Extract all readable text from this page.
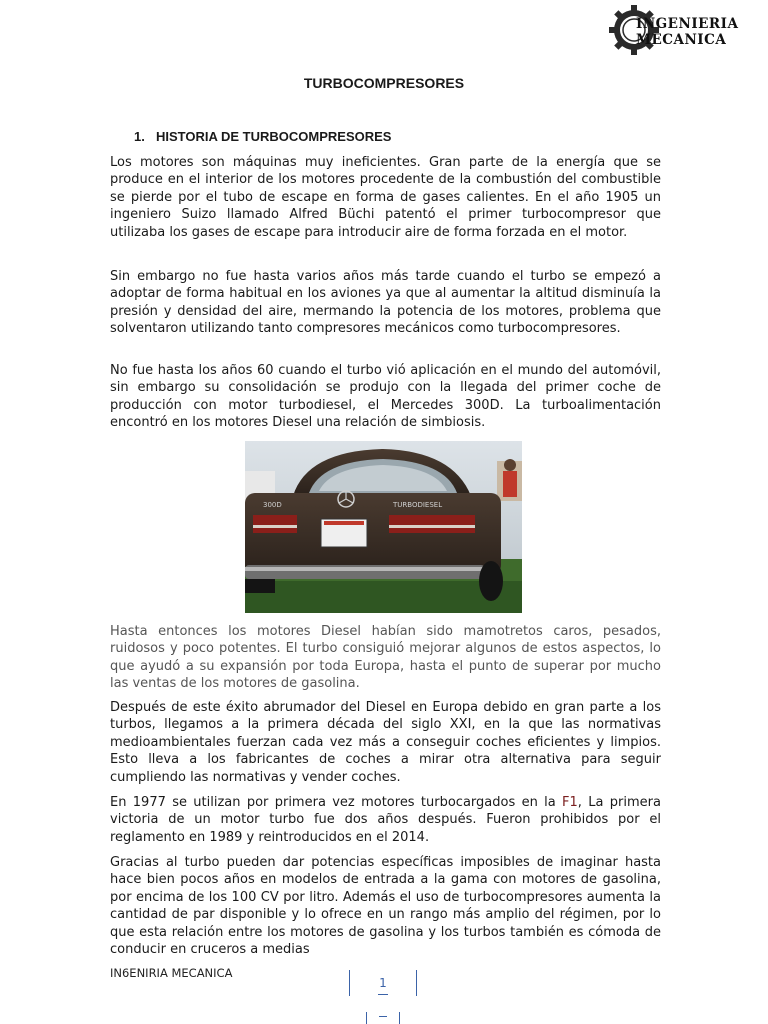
INGENIERIA
MECANICA
TURBOCOMPRESORES
1. HISTORIA DE TURBOCOMPRESORES

Los motores son máquinas muy ineficientes. Gran parte de la energía que se produce en el interior de los motores procedente de la combustión del combustible se pierde por el tubo de escape en forma de gases calientes. En el año 1905 un ingeniero Suizo llamado Alfred Büchi patentó el primer turbocompresor que utilizaba los gases de escape para introducir aire de forma forzada en el motor.

Sin embargo no fue hasta varios años más tarde cuando el turbo se empezó a adoptar de forma habitual en los aviones ya que al aumentar la altitud disminuía la presión y densidad del aire, mermando la potencia de los motores, problema que solventaron utilizando tanto compresores mecánicos como turbocompresores.

No fue hasta los años 60 cuando el turbo vió aplicación en el mundo del automóvil, sin embargo su consolidación se produjo con la llegada del primer coche de producción con motor turbodiesel, el Mercedes 300D. La turboalimentación encontró en los motores Diesel una relación de simbiosis.

TURBODIESEL
300D

Hasta entonces los motores Diesel habían sido mamotretos caros, pesados, ruidosos y poco potentes. El turbo consiguió mejorar algunos de estos aspectos, lo que ayudó a su expansión por toda Europa, hasta el punto de superar por mucho las ventas de los motores de gasolina.

Después de este éxito abrumador del Diesel en Europa debido en gran parte a los turbos, llegamos a la primera década del siglo XXI, en la que las normativas medioambientales fuerzan cada vez más a conseguir coches eficientes y limpios. Esto lleva a los fabricantes de coches a mirar otra alternativa para seguir cumpliendo las normativas y vender coches.

En 1977 se utilizan por primera vez motores turbocargados en la F1, La primera victoria de un motor turbo fue dos años después. Fueron prohibidos por el reglamento en 1989 y reintroducidos en el 2014.

Gracias al turbo pueden dar potencias específicas imposibles de imaginar hasta hace bien pocos años en modelos de entrada a la gama con motores de gasolina, por encima de los 100 CV por litro. Además el uso de turbocompresores aumenta la cantidad de par disponible y lo ofrece en un rango más amplio del régimen, por lo que esta relación entre los motores de gasolina y los turbos también es cómoda de conducir en cruceros a medias

IN6ENIRIA MECANICA
1
